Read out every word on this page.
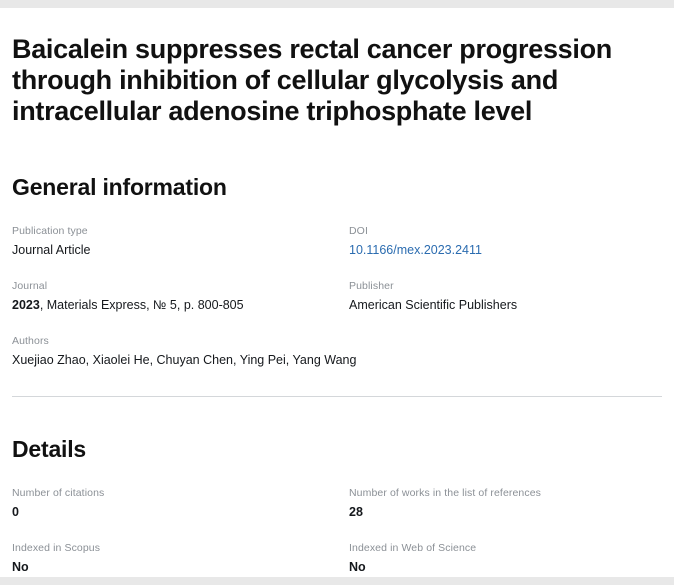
Baicalein suppresses rectal cancer progression through inhibition of cellular glycolysis and intracellular adenosine triphosphate level
General information
Publication type
Journal Article
DOI
10.1166/mex.2023.2411
Journal
2023, Materials Express, № 5, p. 800-805
Publisher
American Scientific Publishers
Authors
Xuejiao Zhao, Xiaolei He, Chuyan Chen, Ying Pei, Yang Wang
Details
Number of citations
0
Number of works in the list of references
28
Indexed in Scopus
No
Indexed in Web of Science
No
